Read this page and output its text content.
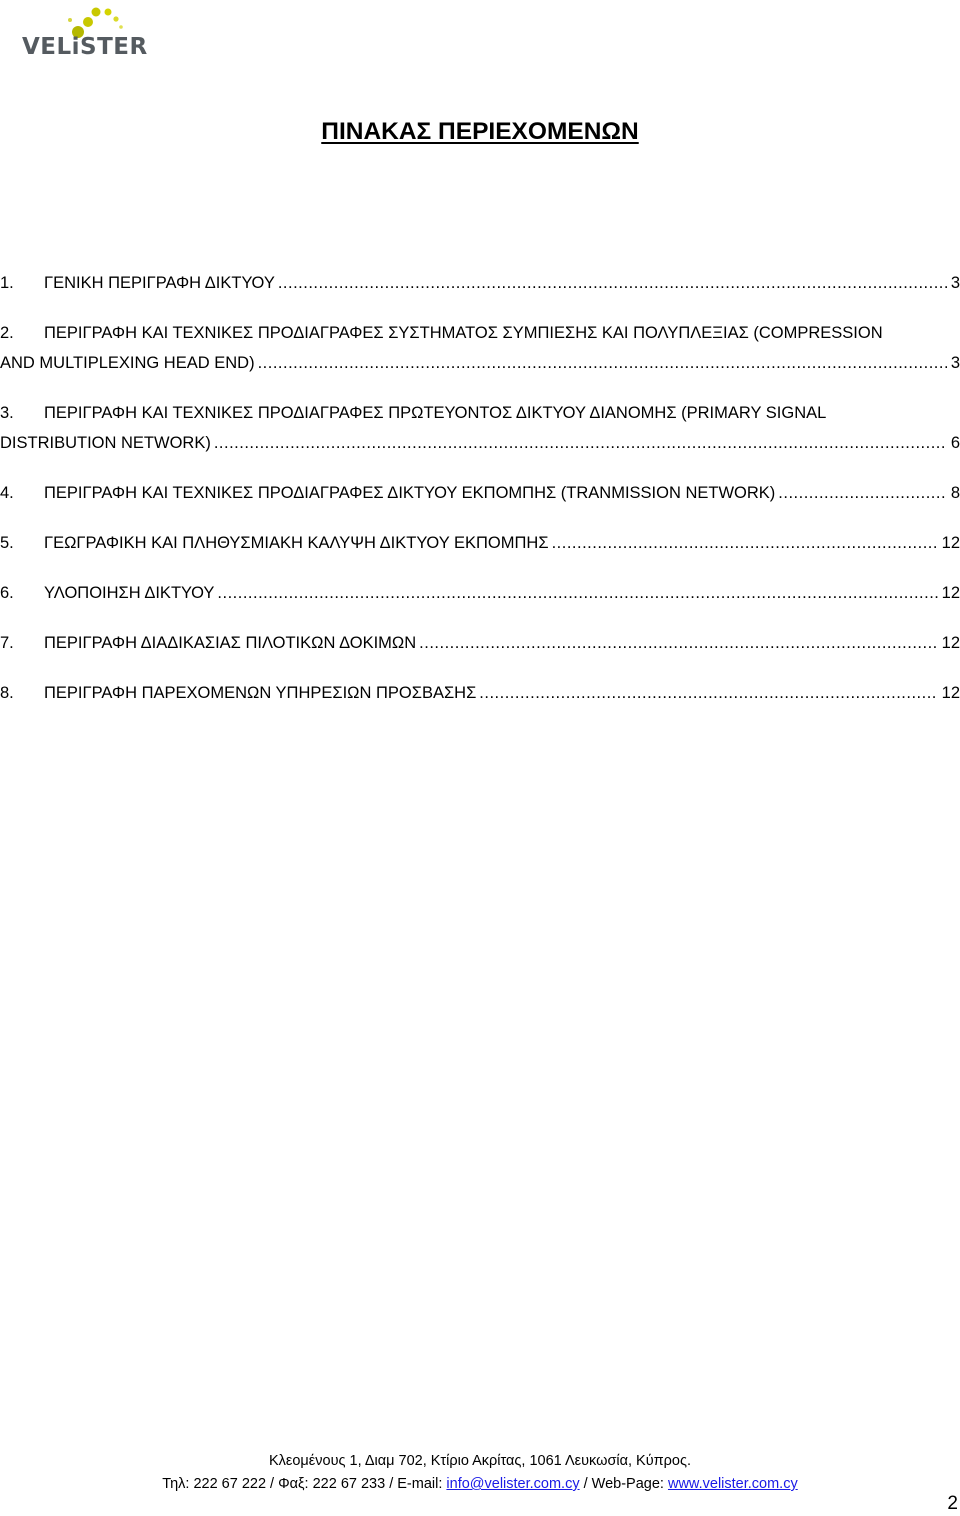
VELiSTER
ΠΙΝΑΚΑΣ ΠΕΡΙΕΧΟΜΕΝΩΝ
1.	ΓΕΝΙΚΗ ΠΕΡΙΓΡΑΦΗ ΔΙΚΤΥΟΥ .....	3
2.	ΠΕΡΙΓΡΑΦΗ ΚΑΙ ΤΕΧΝΙΚΕΣ ΠΡΟΔΙΑΓΡΑΦΕΣ ΣΥΣΤΗΜΑΤΟΣ ΣΥΜΠΙΕΣΗΣ ΚΑΙ ΠΟΛΥΠΛΕΞΙΑΣ (COMPRESSION
AND MULTIPLEXING HEAD END) .....	3
3.	ΠΕΡΙΓΡΑΦΗ ΚΑΙ ΤΕΧΝΙΚΕΣ ΠΡΟΔΙΑΓΡΑΦΕΣ ΠΡΩΤΕΥΟΝΤΟΣ ΔΙΚΤΥΟΥ ΔΙΑΝΟΜΗΣ (PRIMARY SIGNAL
DISTRIBUTION NETWORK) .....	6
4.	ΠΕΡΙΓΡΑΦΗ ΚΑΙ ΤΕΧΝΙΚΕΣ ΠΡΟΔΙΑΓΡΑΦΕΣ ΔΙΚΤΥΟΥ ΕΚΠΟΜΠΗΣ (TRANMISSION NETWORK) .....	8
5.	ΓΕΩΓΡΑΦΙΚΗ ΚΑΙ ΠΛΗΘΥΣΜΙΑΚΗ ΚΑΛΥΨΗ ΔΙΚΤΥΟΥ ΕΚΠΟΜΠΗΣ .....	12
6.	ΥΛΟΠΟΙΗΣΗ ΔΙΚΤΥΟΥ .....	12
7.	ΠΕΡΙΓΡΑΦΗ ΔΙΑΔΙΚΑΣΙΑΣ ΠΙΛΟΤΙΚΩΝ ΔΟΚΙΜΩΝ .....	12
8.	ΠΕΡΙΓΡΑΦΗ ΠΑΡΕΧΟΜΕΝΩΝ ΥΠΗΡΕΣΙΩΝ ΠΡΟΣΒΑΣΗΣ .....	12
Κλεομένους 1, Διαμ 702, Κτίριο Ακρίτας, 1061 Λευκωσία, Κύπρος.
Τηλ: 222 67 222 / Φαξ: 222 67 233 / E-mail: info@velister.com.cy / Web-Page: www.velister.com.cy
2
